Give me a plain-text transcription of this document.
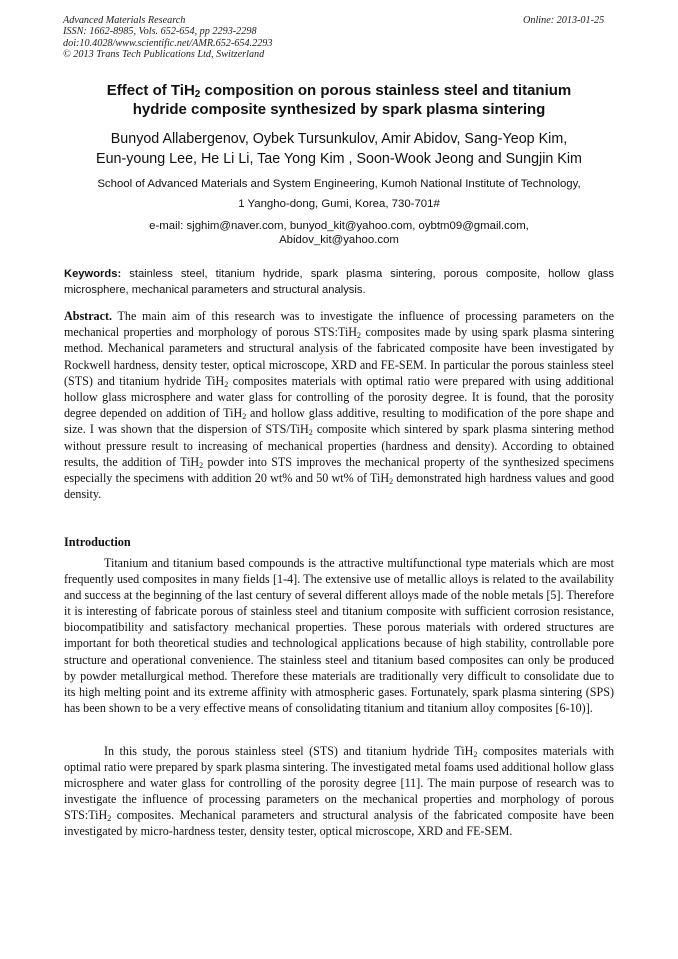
Advanced Materials Research
ISSN: 1662-8985, Vols. 652-654, pp 2293-2298
doi:10.4028/www.scientific.net/AMR.652-654.2293
© 2013 Trans Tech Publications Ltd, Switzerland
Online: 2013-01-25
Effect of TiH$_2$ composition on porous stainless steel and titanium
hydride composite synthesized by spark plasma sintering
Bunyod Allabergenov, Oybek Tursunkulov, Amir Abidov, Sang-Yeop Kim,
Eun-young Lee, He Li Li, Tae Yong Kim , Soon-Wook Jeong and Sungjin Kim
School of Advanced Materials and System Engineering, Kumoh National Institute of Technology,
1 Yangho-dong, Gumi, Korea, 730-701#
e-mail: sjghim@naver.com, bunyod_kit@yahoo.com, oybtm09@gmail.com,
Abidov_kit@yahoo.com
Keywords: stainless steel, titanium hydride, spark plasma sintering, porous composite, hollow glass microsphere, mechanical parameters and structural analysis.
Abstract. The main aim of this research was to investigate the influence of processing parameters on the mechanical properties and morphology of porous STS:TiH$_2$ composites made by using spark plasma sintering method. Mechanical parameters and structural analysis of the fabricated composite have been investigated by Rockwell hardness, density tester, optical microscope, XRD and FE-SEM. In particular the porous stainless steel (STS) and titanium hydride TiH$_2$ composites materials with optimal ratio were prepared with using additional hollow glass microsphere and water glass for controlling of the porosity degree. It is found, that the porosity degree depended on addition of TiH$_2$ and hollow glass additive, resulting to modification of the pore shape and size. I was shown that the dispersion of STS/TiH$_2$ composite which sintered by spark plasma sintering method without pressure result to increasing of mechanical properties (hardness and density). According to obtained results, the addition of TiH$_2$ powder into STS improves the mechanical property of the synthesized specimens especially the specimens with addition 20 wt% and 50 wt% of TiH$_2$ demonstrated high hardness values and good density.
Introduction

Titanium and titanium based compounds is the attractive multifunctional type materials which are most frequently used composites in many fields [1-4]. The extensive use of metallic alloys is related to the availability and success at the beginning of the last century of several different alloys made of the noble metals [5]. Therefore it is interesting of fabricate porous of stainless steel and titanium composite with sufficient corrosion resistance, biocompatibility and satisfactory mechanical properties. These porous materials with ordered structures are important for both theoretical studies and technological applications because of high stability, controllable pore structure and operational convenience. The stainless steel and titanium based composites can only be produced by powder metallurgical method. Therefore these materials are traditionally very difficult to consolidate due to its high melting point and its extreme affinity with atmospheric gases. Fortunately, spark plasma sintering (SPS) has been shown to be a very effective means of consolidating titanium and titanium alloy composites [6-10)].

In this study, the porous stainless steel (STS) and titanium hydride TiH$_2$ composites materials with optimal ratio were prepared by spark plasma sintering. The investigated metal foams used additional hollow glass microsphere and water glass for controlling of the porosity degree [11]. The main purpose of research was to investigate the influence of processing parameters on the mechanical properties and morphology of porous STS:TiH$_2$ composites. Mechanical parameters and structural analysis of the fabricated composite have been investigated by micro-hardness tester, density tester, optical microscope, XRD and FE-SEM.
